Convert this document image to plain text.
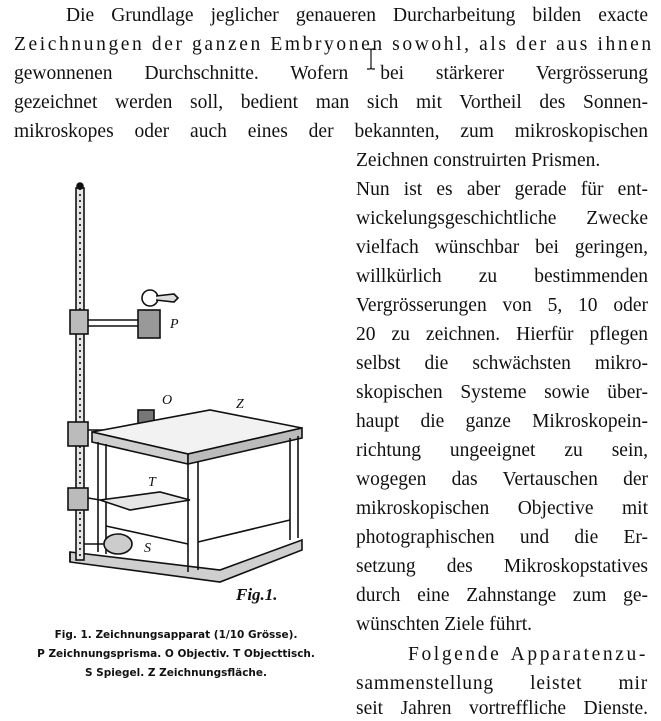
Die Grundlage jeglicher genaueren Durcharbeitung bilden exacte
Zeichnungen der ganzen Embryonen sowohl, als der aus ihnen
gewonnenen Durchschnitte. Wofern bei stärkerer Vergrösserung
gezeichnet werden soll, bedient man sich mit Vortheil des Sonnen-
mikroskopes oder auch eines der bekannten, zum mikroskopischen
Zeichnen construirten Prismen.
Nun ist es aber gerade für ent-
wickelungsgeschichtliche Zwecke
vielfach wünschbar bei geringen,
willkürlich zu bestimmenden
Vergrösserungen von 5, 10 oder
20 zu zeichnen. Hierfür pflegen
selbst die schwächsten mikro-
skopischen Systeme sowie über-
haupt die ganze Mikroskopein-
richtung ungeeignet zu sein,
wogegen das Vertauschen der
mikroskopischen Objective mit
photographischen und die Er-
setzung des Mikroskopstatives
durch eine Zahnstange zum ge-
wünschten Ziele führt.
Folgende Apparatenzu-
sammenstellung leistet mir
seit Jahren vortreffliche Dienste.
P
O	Z
T
S
Fig.1.
Fig. 1. Zeichnungsapparat (1/10 Grösse).
P Zeichnungsprisma. O Objectiv. T Objecttisch.
S Spiegel. Z Zeichnungsfläche.
